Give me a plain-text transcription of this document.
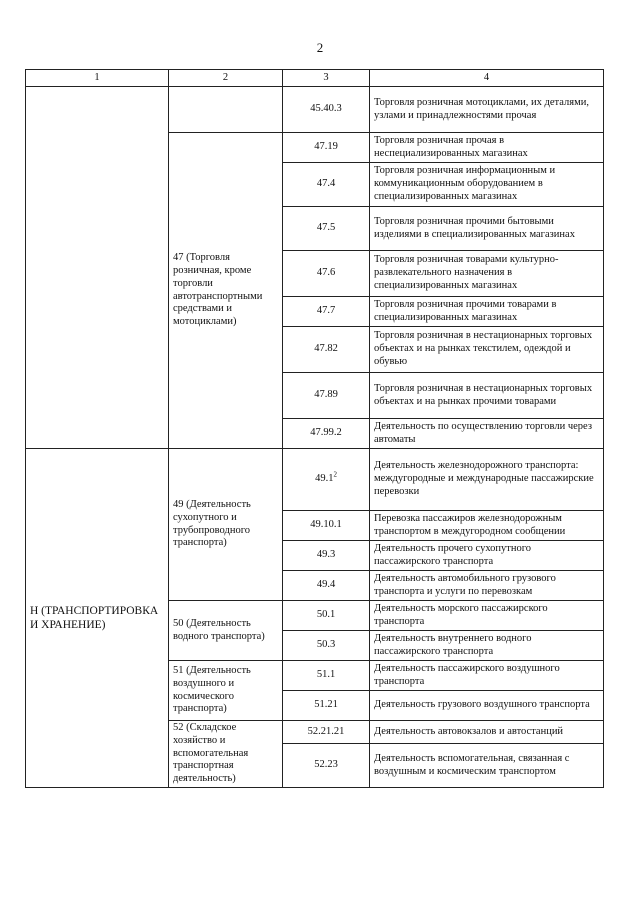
2
1	2	3	4
		45.40.3	Торговля розничная мотоциклами, их деталями, узлами и принадлежностями прочая
	47 (Торговля розничная, кроме торговли автотранспортными средствами и мотоциклами)	47.19	Торговля розничная прочая в неспециализированных магазинах
		47.4	Торговля розничная информационным и коммуникационным оборудованием в специализированных магазинах
		47.5	Торговля розничная прочими бытовыми изделиями в специализированных магазинах
		47.6	Торговля розничная товарами культурно-развлекательного назначения в специализированных магазинах
		47.7	Торговля розничная прочими товарами в специализированных магазинах
		47.82	Торговля розничная в нестационарных торговых объектах и на рынках текстилем, одеждой и обувью
		47.89	Торговля розничная в нестационарных торговых объектах и на рынках прочими товарами
		47.99.2	Деятельность по осуществлению торговли через автоматы
Н (ТРАНСПОРТИРОВКА И ХРАНЕНИЕ)	49 (Деятельность сухопутного и трубопроводного транспорта)	49.1$^2$	Деятельность железнодорожного транспорта:
междугородные и международные пассажирские перевозки
		49.10.1	Перевозка пассажиров железнодорожным транспортом в междугородном сообщении
		49.3	Деятельность прочего сухопутного пассажирского транспорта
		49.4	Деятельность автомобильного грузового транспорта и услуги по перевозкам
	50 (Деятельность водного транспорта)	50.1	Деятельность морского пассажирского транспорта
		50.3	Деятельность внутреннего водного пассажирского транспорта
	51 (Деятельность воздушного и космического транспорта)	51.1	Деятельность пассажирского воздушного транспорта
		51.21	Деятельность грузового воздушного транспорта
	52 (Складское хозяйство и вспомогательная транспортная деятельность)	52.21.21	Деятельность автовокзалов и автостанций
		52.23	Деятельность вспомогательная, связанная с воздушным и космическим транспортом
